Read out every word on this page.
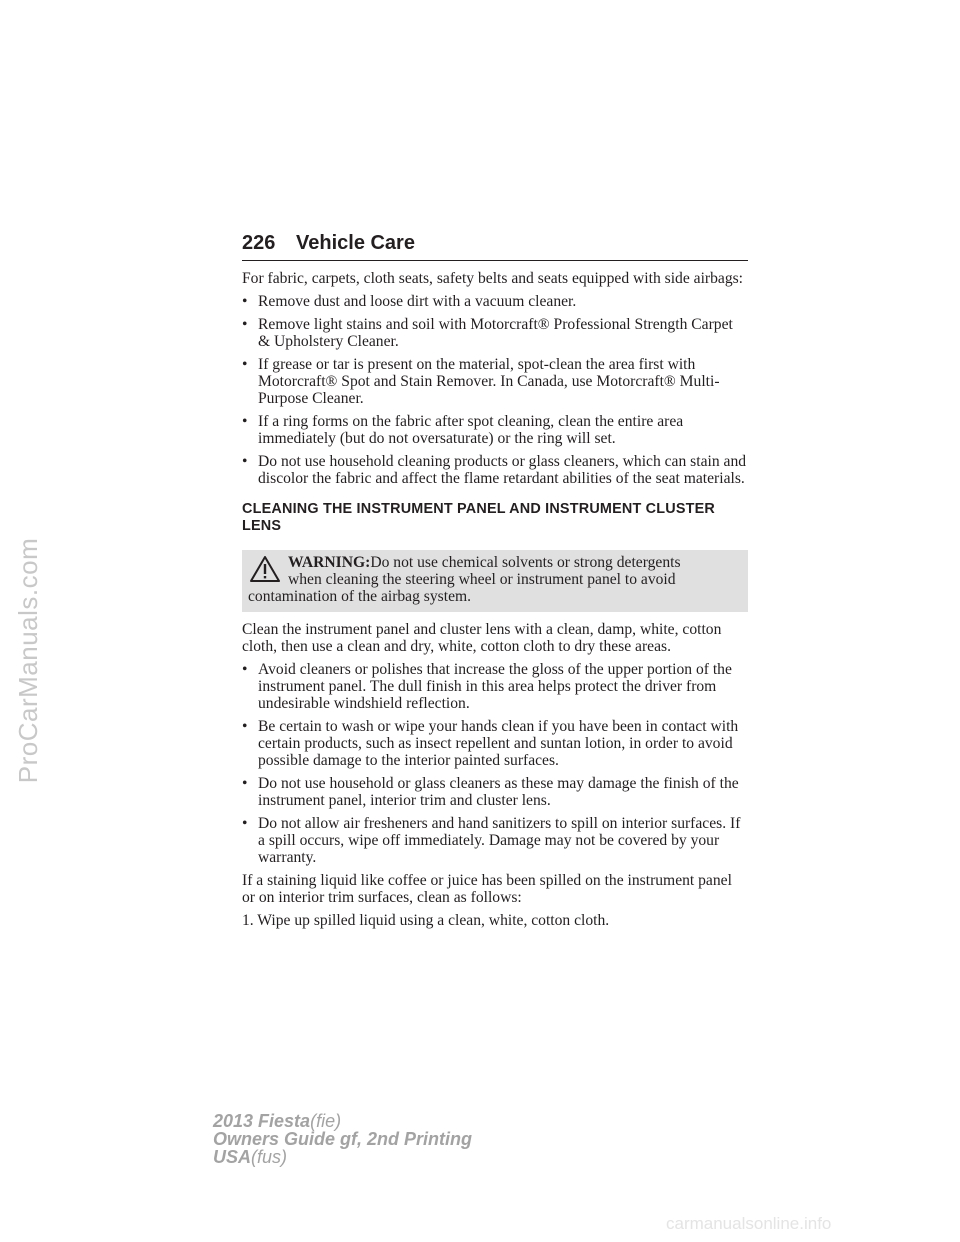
ProCarManuals.com
226 Vehicle Care

For fabric, carpets, cloth seats, safety belts and seats equipped with side airbags:

• Remove dust and loose dirt with a vacuum cleaner.
• Remove light stains and soil with Motorcraft® Professional Strength Carpet & Upholstery Cleaner.
• If grease or tar is present on the material, spot-clean the area first with Motorcraft® Spot and Stain Remover. In Canada, use Motorcraft® Multi-Purpose Cleaner.
• If a ring forms on the fabric after spot cleaning, clean the entire area immediately (but do not oversaturate) or the ring will set.
• Do not use household cleaning products or glass cleaners, which can stain and discolor the fabric and affect the flame retardant abilities of the seat materials.
CLEANING THE INSTRUMENT PANEL AND INSTRUMENT CLUSTER LENS
WARNING:Do not use chemical solvents or strong detergents
when cleaning the steering wheel or instrument panel to avoid
contamination of the airbag system.

Clean the instrument panel and cluster lens with a clean, damp, white, cotton cloth, then use a clean and dry, white, cotton cloth to dry these areas.

• Avoid cleaners or polishes that increase the gloss of the upper portion of the instrument panel. The dull finish in this area helps protect the driver from undesirable windshield reflection.
• Be certain to wash or wipe your hands clean if you have been in contact with certain products, such as insect repellent and suntan lotion, in order to avoid possible damage to the interior painted surfaces.
• Do not use household or glass cleaners as these may damage the finish of the instrument panel, interior trim and cluster lens.
• Do not allow air fresheners and hand sanitizers to spill on interior surfaces. If a spill occurs, wipe off immediately. Damage may not be covered by your warranty.

If a staining liquid like coffee or juice has been spilled on the instrument panel or on interior trim surfaces, clean as follows:

1. Wipe up spilled liquid using a clean, white, cotton cloth.

2013 Fiesta(fie)
Owners Guide gf, 2nd Printing
USA(fus)
carmanualsonline.info
